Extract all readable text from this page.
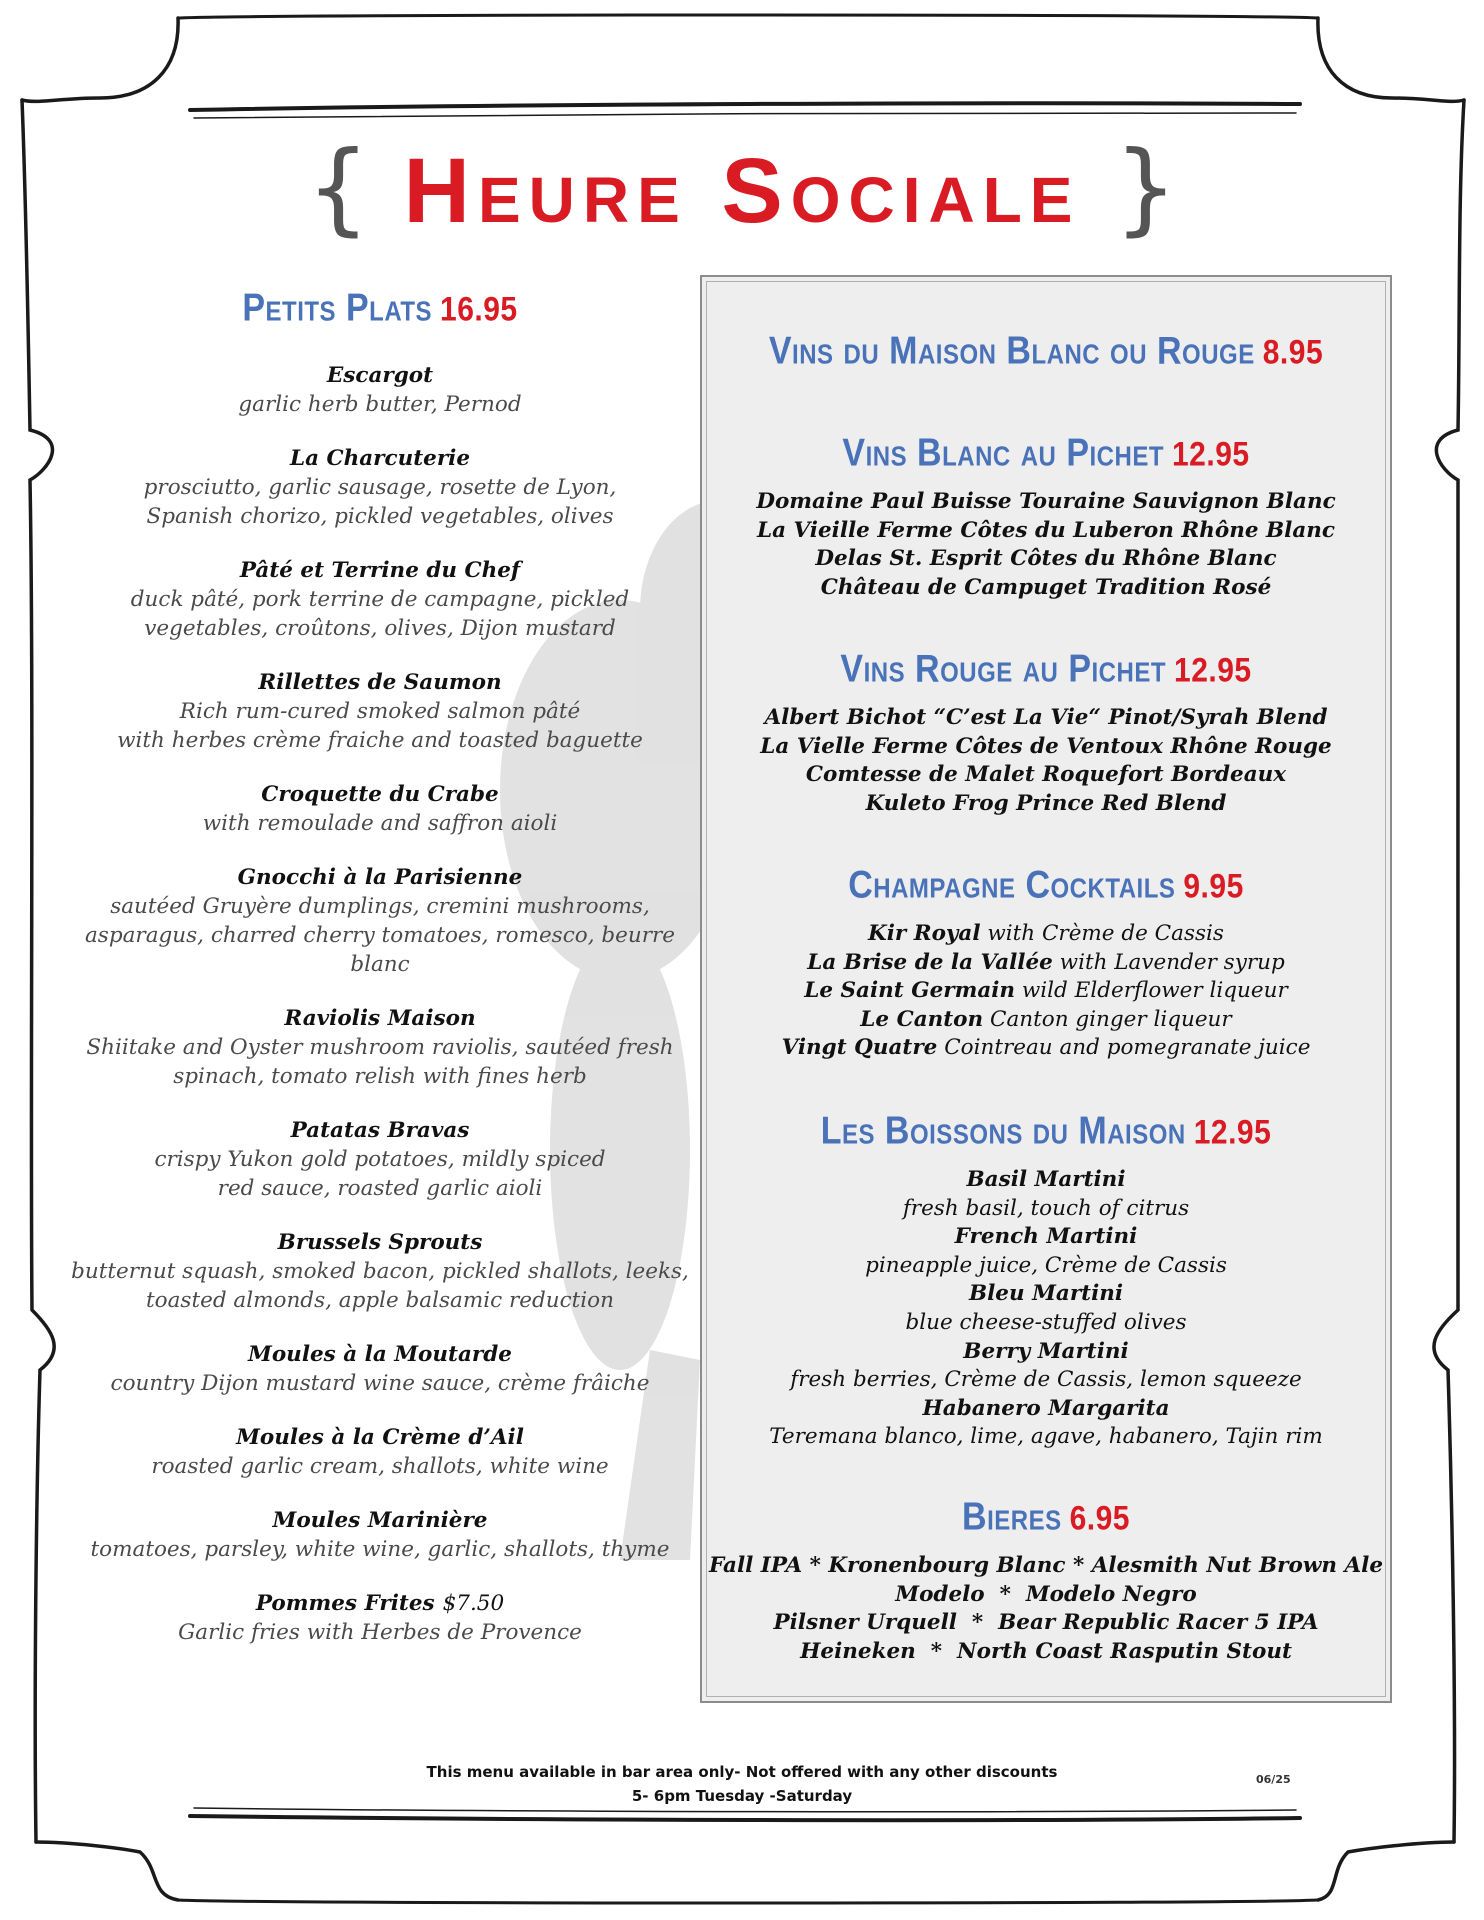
{ Heure Sociale }
Petits Plats 16.95
Escargot
garlic herb butter, Pernod
La Charcuterie
prosciutto, garlic sausage, rosette de Lyon,
Spanish chorizo, pickled vegetables, olives
Pâté et Terrine du Chef
duck pâté, pork terrine de campagne, pickled
vegetables, croûtons, olives, Dijon mustard
Rillettes de Saumon
Rich rum-cured smoked salmon pâté
with herbes crème fraiche and toasted baguette
Croquette du Crabe
with remoulade and saffron aioli
Gnocchi à la Parisienne
sautéed Gruyère dumplings, cremini mushrooms,
asparagus, charred cherry tomatoes, romesco, beurre blanc
Raviolis Maison
Shiitake and Oyster mushroom raviolis, sautéed fresh
spinach, tomato relish with fines herb
Patatas Bravas
crispy Yukon gold potatoes, mildly spiced
red sauce, roasted garlic aioli
Brussels Sprouts
butternut squash, smoked bacon, pickled shallots, leeks,
toasted almonds, apple balsamic reduction
Moules à la Moutarde
country Dijon mustard wine sauce, crème frâiche
Moules à la Crème d’Ail
roasted garlic cream, shallots, white wine
Moules Marinière
tomatoes, parsley, white wine, garlic, shallots, thyme
Pommes Frites $7.50
Garlic fries with Herbes de Provence
Vins du Maison Blanc ou Rouge 8.95
Vins Blanc au Pichet 12.95
Domaine Paul Buisse Touraine Sauvignon Blanc
La Vieille Ferme Côtes du Luberon Rhône Blanc
Delas St. Esprit Côtes du Rhône Blanc
Château de Campuget Tradition Rosé
Vins Rouge au Pichet 12.95
Albert Bichot “C’est La Vie“ Pinot/Syrah Blend
La Vielle Ferme Côtes de Ventoux Rhône Rouge
Comtesse de Malet Roquefort Bordeaux
Kuleto Frog Prince Red Blend
Champagne Cocktails 9.95
Kir Royal with Crème de Cassis
La Brise de la Vallée with Lavender syrup
Le Saint Germain wild Elderflower liqueur
Le Canton Canton ginger liqueur
Vingt Quatre Cointreau and pomegranate juice
Les Boissons du Maison 12.95
Basil Martini
fresh basil, touch of citrus
French Martini
pineapple juice, Crème de Cassis
Bleu Martini
blue cheese-stuffed olives
Berry Martini
fresh berries, Crème de Cassis, lemon squeeze
Habanero Margarita
Teremana blanco, lime, agave, habanero, Tajin rim
Bieres 6.95
Fall IPA * Kronenbourg Blanc * Alesmith Nut Brown Ale
Modelo  *  Modelo Negro
Pilsner Urquell  *  Bear Republic Racer 5 IPA
Heineken  *  North Coast Rasputin Stout
This menu available in bar area only- Not offered with any other discounts
5- 6pm Tuesday -Saturday
06/25
